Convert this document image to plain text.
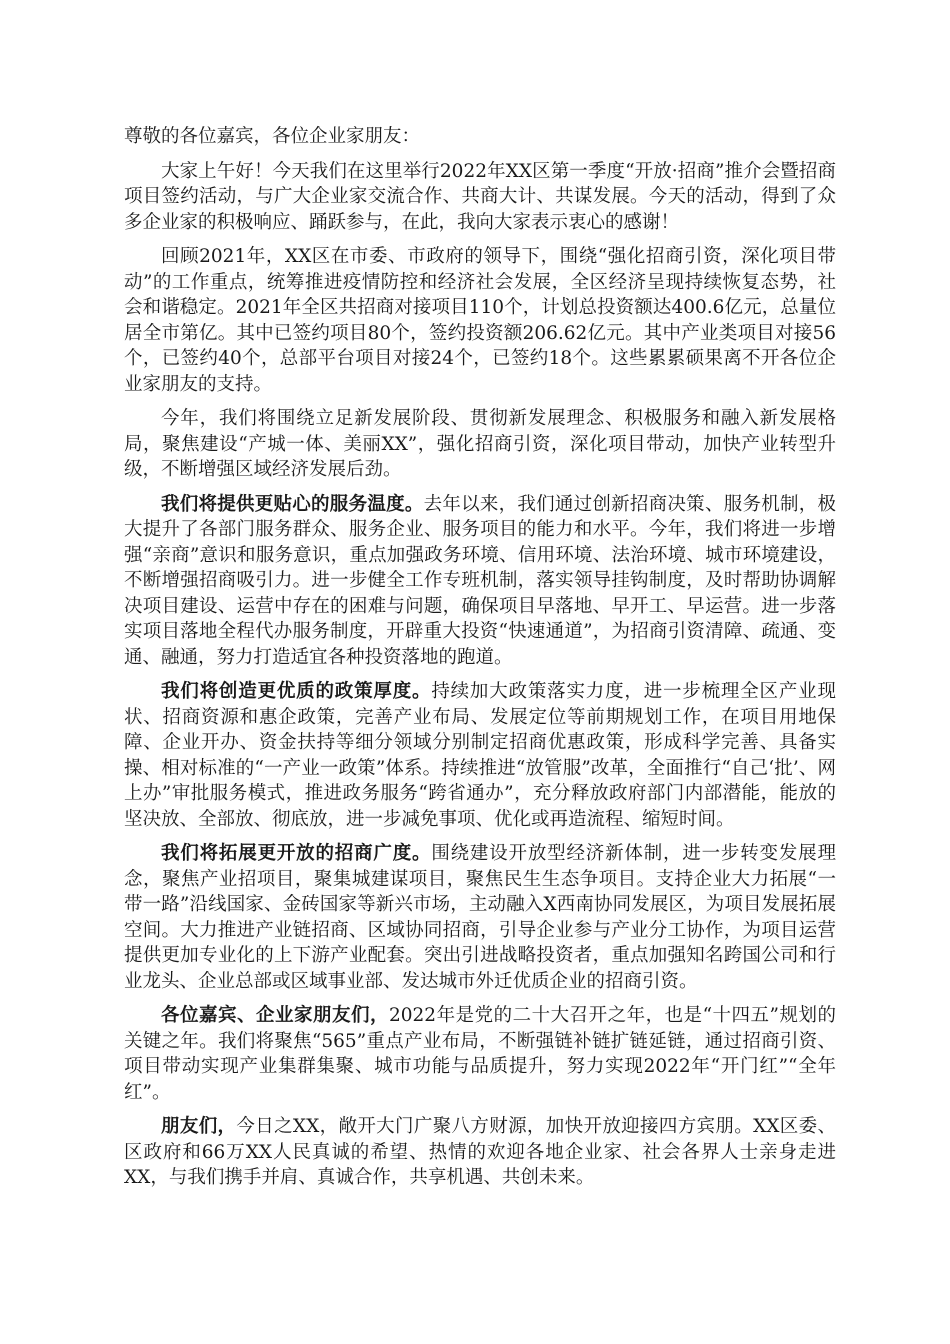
尊敬的各位嘉宾，各位企业家朋友：

大家上午好！今天我们在这里举行2022年XX区第一季度“开放·招商”推介会暨招商项目签约活动，与广大企业家交流合作、共商大计、共谋发展。今天的活动，得到了众多企业家的积极响应、踊跃参与，在此，我向大家表示衷心的感谢！

回顾2021年，XX区在市委、市政府的领导下，围绕“强化招商引资，深化项目带动”的工作重点，统筹推进疫情防控和经济社会发展，全区经济呈现持续恢复态势，社会和谐稳定。2021年全区共招商对接项目110个，计划总投资额达400.6亿元，总量位居全市第亿。其中已签约项目80个，签约投资额206.62亿元。其中产业类项目对接56个，已签约40个，总部平台项目对接24个，已签约18个。这些累累硕果离不开各位企业家朋友的支持。

今年，我们将围绕立足新发展阶段、贯彻新发展理念、积极服务和融入新发展格局，聚焦建设“产城一体、美丽XX”，强化招商引资，深化项目带动，加快产业转型升级，不断增强区域经济发展后劲。

我们将提供更贴心的服务温度。去年以来，我们通过创新招商决策、服务机制，极大提升了各部门服务群众、服务企业、服务项目的能力和水平。今年，我们将进一步增强“亲商”意识和服务意识，重点加强政务环境、信用环境、法治环境、城市环境建设，不断增强招商吸引力。进一步健全工作专班机制，落实领导挂钩制度，及时帮助协调解决项目建设、运营中存在的困难与问题，确保项目早落地、早开工、早运营。进一步落实项目落地全程代办服务制度，开辟重大投资“快速通道”，为招商引资清障、疏通、变通、融通，努力打造适宜各种投资落地的跑道。

我们将创造更优质的政策厚度。持续加大政策落实力度，进一步梳理全区产业现状、招商资源和惠企政策，完善产业布局、发展定位等前期规划工作，在项目用地保障、企业开办、资金扶持等细分领域分别制定招商优惠政策，形成科学完善、具备实操、相对标准的“一产业一政策”体系。持续推进“放管服”改革，全面推行“自己‘批’、网上办”审批服务模式，推进政务服务“跨省通办”，充分释放政府部门内部潜能，能放的坚决放、全部放、彻底放，进一步减免事项、优化或再造流程、缩短时间。

我们将拓展更开放的招商广度。围绕建设开放型经济新体制，进一步转变发展理念，聚焦产业招项目，聚集城建谋项目，聚焦民生生态争项目。支持企业大力拓展“一带一路”沿线国家、金砖国家等新兴市场，主动融入X西南协同发展区，为项目发展拓展空间。大力推进产业链招商、区域协同招商，引导企业参与产业分工协作，为项目运营提供更加专业化的上下游产业配套。突出引进战略投资者，重点加强知名跨国公司和行业龙头、企业总部或区域事业部、发达城市外迁优质企业的招商引资。

各位嘉宾、企业家朋友们，2022年是党的二十大召开之年，也是“十四五”规划的关键之年。我们将聚焦“565”重点产业布局，不断强链补链扩链延链，通过招商引资、项目带动实现产业集群集聚、城市功能与品质提升，努力实现2022年“开门红”“全年红”。

朋友们，今日之XX，敞开大门广聚八方财源，加快开放迎接四方宾朋。XX区委、区政府和66万XX人民真诚的希望、热情的欢迎各地企业家、社会各界人士亲身走进XX，与我们携手并肩、真诚合作，共享机遇、共创未来。
